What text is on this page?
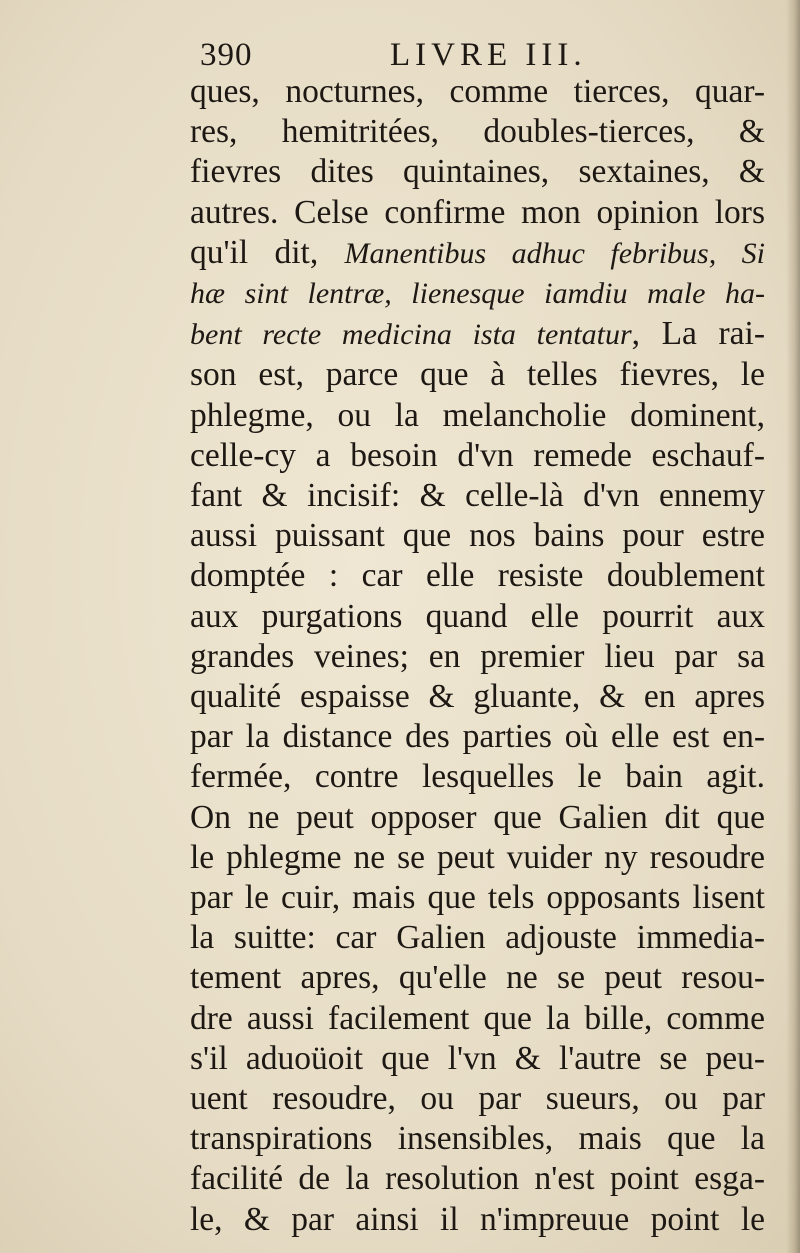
390	LIVRE III.
ques, nocturnes, comme tierces, quar-
res, hemitritées, doubles-tierces, &
fievres dites quintaines, sextaines, &
autres. Celse confirme mon opinion lors
qu'il dit, Manentibus adhuc febribus, Si
hæ sint lentræ, lienesque iamdiu male ha-
bent recte medicina ista tentatur, La rai-
son est, parce que à telles fievres, le
phlegme, ou la melancholie dominent,
celle-cy a besoin d'vn remede eschauf-
fant & incisif: & celle-là d'vn ennemy
aussi puissant que nos bains pour estre
domptée : car elle resiste doublement
aux purgations quand elle pourrit aux
grandes veines; en premier lieu par sa
qualité espaisse & gluante, & en apres
par la distance des parties où elle est en-
fermée, contre lesquelles le bain agit.
On ne peut opposer que Galien dit que
le phlegme ne se peut vuider ny resoudre
par le cuir, mais que tels opposants lisent
la suitte: car Galien adjouste immedia-
tement apres, qu'elle ne se peut resou-
dre aussi facilement que la bille, comme
s'il aduoüoit que l'vn & l'autre se peu-
uent resoudre, ou par sueurs, ou par
transpirations insensibles, mais que la
facilité de la resolution n'est point esga-
le, & par ainsi il n'impreuue point le
